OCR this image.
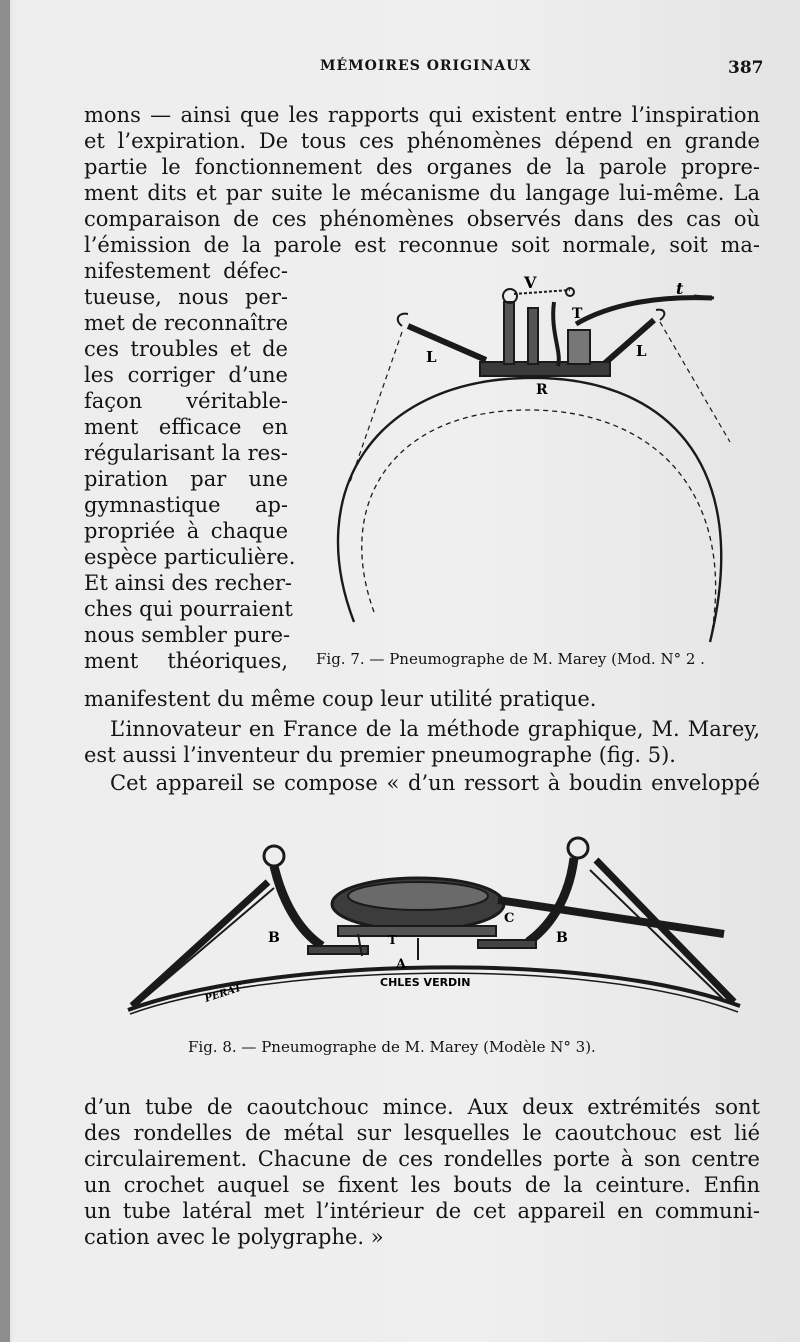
MÉMOIRES ORIGINAUX	387
mons — ainsi que les rapports qui existent entre l’inspiration
et l’expiration. De tous ces phénomènes dépend en grande
partie le fonctionnement des organes de la parole propre-
ment dits et par suite le mécanisme du langage lui-même. La
comparaison de ces phénomènes observés dans des cas où
l’émission de la parole est reconnue soit normale, soit ma-
nifestement défec-
tueuse, nous per-
met de reconnaître
ces troubles et de
les corriger d’une
façon véritable-
ment efficace en
régularisant la res-
piration par une
gymnastique ap-
propriée à chaque
espèce particulière.
Et ainsi des recher-
ches qui pourraient
nous sembler pure-
ment théoriques,
V	t
L	L
T
R
Fig. 7. — Pneumographe de M. Marey (Mod. N° 2 .
manifestent du même coup leur utilité pratique.
L’innovateur en France de la méthode graphique, M. Marey,
est aussi l’inventeur du premier pneumographe (fig. 5).
Cet appareil se compose « d’un ressort à boudin enveloppé
B	B
C
T
A
CHLES VERDIN
PERAT
Fig. 8. — Pneumographe de M. Marey (Modèle N° 3).
d’un tube de caoutchouc mince. Aux deux extrémités sont
des rondelles de métal sur lesquelles le caoutchouc est lié
circulairement. Chacune de ces rondelles porte à son centre
un crochet auquel se fixent les bouts de la ceinture. Enfin
un tube latéral met l’intérieur de cet appareil en communi-
cation avec le polygraphe. »
